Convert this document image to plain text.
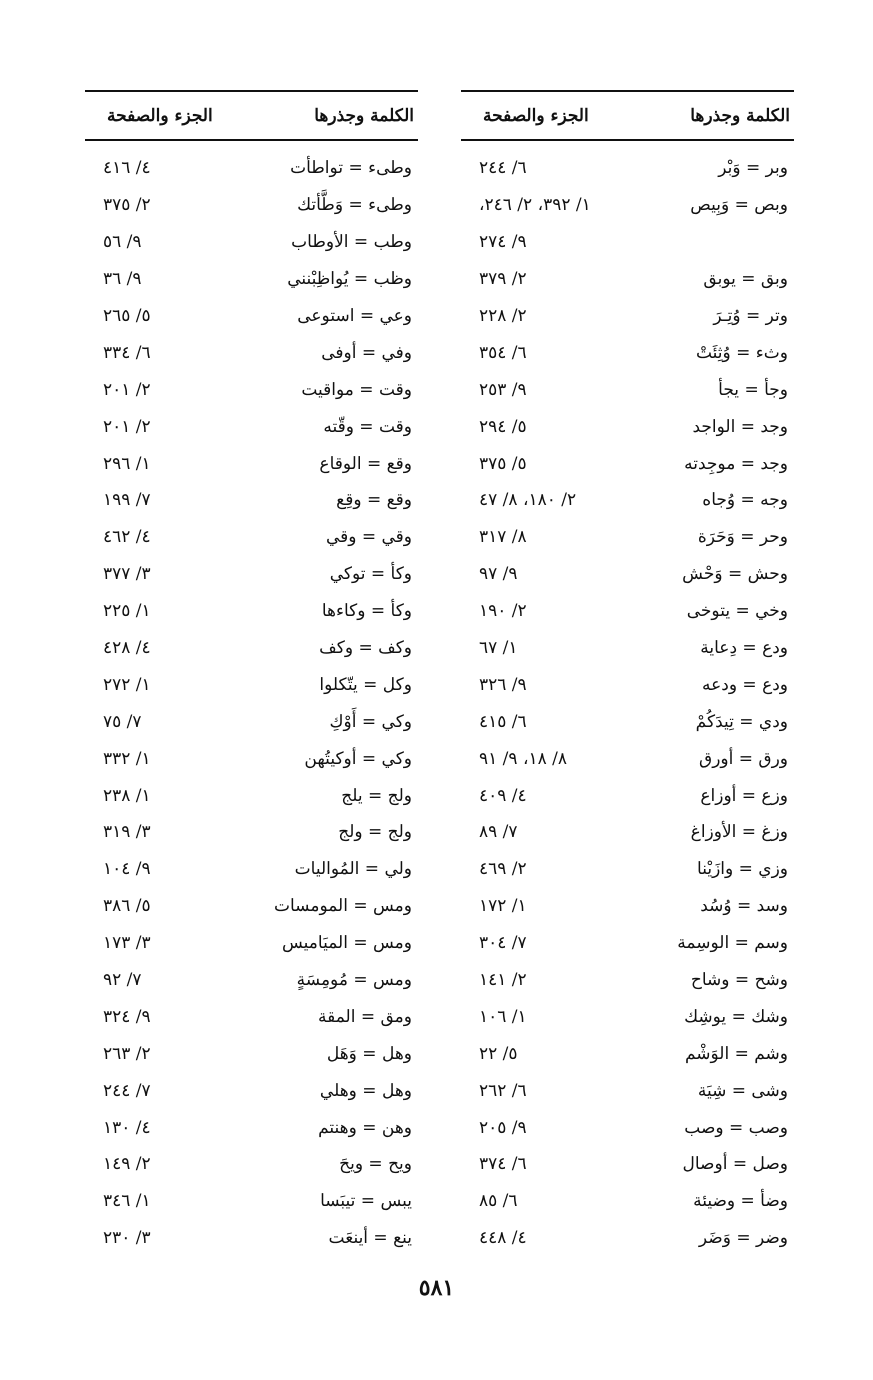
الكلمة وجذرها
الجزء والصفحة
وبر = وَبْر
٦/ ٢٤٤
وبص = وَبِيص
١/ ٣٩٢، ٢/ ٢٤٦،
٩/ ٢٧٤
وبق = يوبق
٢/ ٣٧٩
وتر = وُتِـرَ
٢/ ٢٢٨
وثء = وُثِئَتْ
٦/ ٣٥٤
وجأ = يجأ
٩/ ٢٥٣
وجد = الواجد
٥/ ٢٩٤
وجد = موجِدته
٥/ ٣٧٥
وجه = وُجاه
٢/ ١٨٠، ٨/ ٤٧
وحر = وَحَرَة
٨/ ٣١٧
وحش = وَحْش
٩/ ٩٧
وخي = يتوخى
٢/ ١٩٠
ودع = دِعاية
١/ ٦٧
ودع = ودعه
٩/ ٣٢٦
ودي = تِيدَكُمْ
٦/ ٤١٥
ورق = أورق
٨/ ١٨، ٩/ ٩١
وزع = أوزاع
٤/ ٤٠٩
وزغ = الأوزاغ
٧/ ٨٩
وزي = وازَيْنا
٢/ ٤٦٩
وسد = وُسُد
١/ ١٧٢
وسم = الوسِمة
٧/ ٣٠٤
وشح = وشاح
٢/ ١٤١
وشك = يوشِك
١/ ١٠٦
وشم = الوَشْم
٥/ ٢٢
وشى = شِيَة
٦/ ٢٦٢
وصب = وصب
٩/ ٢٠٥
وصل = أوصال
٦/ ٣٧٤
وضأ = وضيئة
٦/ ٨٥
وضر = وَضَر
٤/ ٤٤٨
الكلمة وجذرها
الجزء والصفحة
وطىء = تواطأت
٤/ ٤١٦
وطىء = وَطَّأتك
٢/ ٣٧٥
وطب = الأوطاب
٩/ ٥٦
وظب = يُواظِبْنني
٩/ ٣٦
وعي = استوعى
٥/ ٢٦٥
وفي = أوفى
٦/ ٣٣٤
وقت = مواقيت
٢/ ٢٠١
وقت = وقّته
٢/ ٢٠١
وقع = الوقاع
١/ ٢٩٦
وقع = وقِع
٧/ ١٩٩
وقي = وقي
٤/ ٤٦٢
وكأ = توكي
٣/ ٣٧٧
وكأ = وكاءها
١/ ٢٢٥
وكف = وكف
٤/ ٤٢٨
وكل = يتّكلوا
١/ ٢٧٢
وكي = أَوْكِ
٧/ ٧٥
وكي = أوكيتُهن
١/ ٣٣٢
ولج = يلج
١/ ٢٣٨
ولج = ولج
٣/ ٣١٩
ولي = المُواليات
٩/ ١٠٤
ومس = المومسات
٥/ ٣٨٦
ومس = الميَاميس
٣/ ١٧٣
ومس = مُومِسَةٍ
٧/ ٩٢
ومق = المقة
٩/ ٣٢٤
وهل = وَهَل
٢/ ٢٦٣
وهل = وهلي
٧/ ٢٤٤
وهن = وهنتم
٤/ ١٣٠
ويح = ويحَ
٢/ ١٤٩
يبس = تيبَسا
١/ ٣٤٦
ينع = أينعَت
٣/ ٢٣٠
٥٨١
